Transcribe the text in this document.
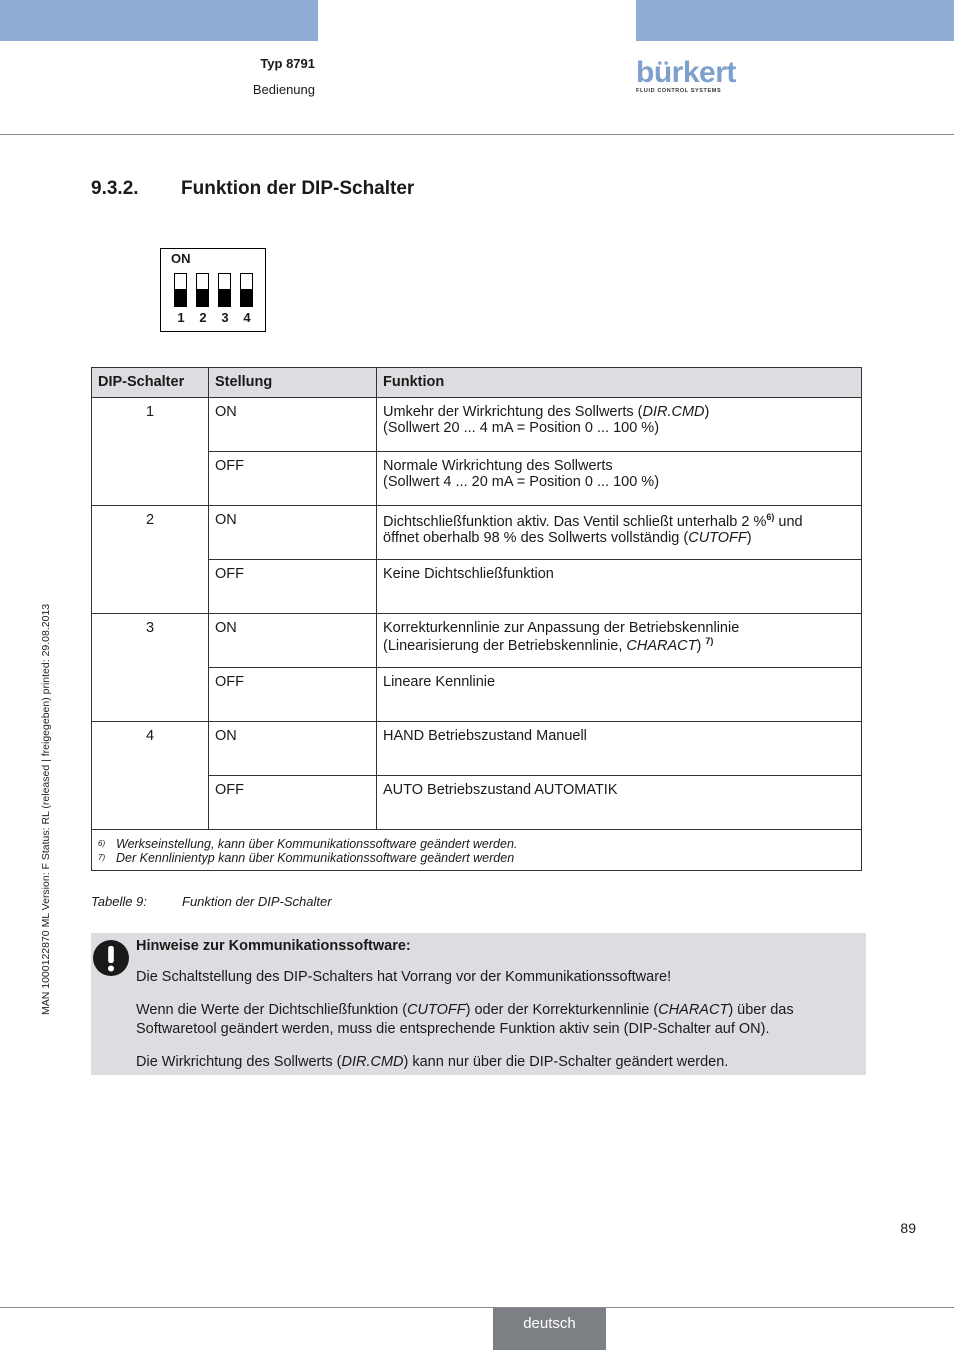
Typ 8791
Bedienung
bürkert
FLUID CONTROL SYSTEMS
MAN 1000122870 ML Version: F Status: RL (released | freigegeben) printed: 29.08.2013
9.3.2. Funktion der DIP-Schalter
ON
1 2 3 4
DIP-Schalter	Stellung	Funktion
1	ON	Umkehr der Wirkrichtung des Sollwerts (DIR.CMD)
(Sollwert 20 ... 4 mA = Position 0 ... 100 %)
	OFF	Normale Wirkrichtung des Sollwerts
(Sollwert 4 ... 20 mA = Position 0 ... 100 %)
2	ON	Dichtschließfunktion aktiv. Das Ventil schließt unterhalb 2 %$^{6)}$ und
öffnet oberhalb 98 % des Sollwerts vollständig (CUTOFF)
	OFF	Keine Dichtschließfunktion
3	ON	Korrekturkennlinie zur Anpassung der Betriebskennlinie
(Linearisierung der Betriebskennlinie, CHARACT) $^{7)}$
	OFF	Lineare Kennlinie
4	ON	HAND Betriebszustand Manuell
	OFF	AUTO Betriebszustand AUTOMATIK

6) Werkseinstellung, kann über Kommunikationssoftware geändert werden.
7) Der Kennlinientyp kann über Kommunikationssoftware geändert werden		
Tabelle 9:	Funktion der DIP-Schalter

Hinweise zur Kommunikationssoftware:

Die Schaltstellung des DIP-Schalters hat Vorrang vor der Kommunikationssoftware!

Wenn die Werte der Dichtschließfunktion (CUTOFF) oder der Korrekturkennlinie (CHARACT) über das Softwaretool geändert werden, muss die entsprechende Funktion aktiv sein (DIP-Schalter auf ON).

Die Wirkrichtung des Sollwerts (DIR.CMD) kann nur über die DIP-Schalter geändert werden.

89
deutsch
